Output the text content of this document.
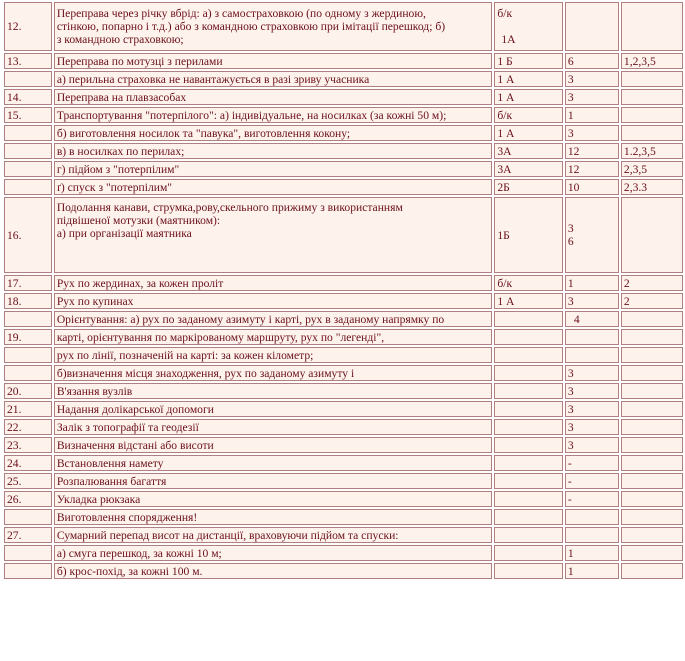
12.	Переправа через річку вбрід: а) з самостраховкою (по одному з жердиною,
стінкою, попарно і т.д.) або з командною страховкою при імітації перешкод; б)
з командною страховкою;	б/к
1А		

13.	Переправа по мотузці з перилами	1 Б	6	1,2,3,5
	а) перильна страховка не навантажується в разі зриву учасника	1 А	3	
14.	Переправа на плавзасобах	1 А	3	
15.	Транспортування "потерпілого": а) індивідуальне, на носилках (за кожні 50 м);	б/к	1	
	б) виготовлення носилок та "павука", виготовлення кокону;	1 А	3	
	в) в носилках по перилах;	3А	12	1.2,3,5
	г) підйом з "потерпілим"	3А	12	2,3,5
	ґ) спуск з "потерпілим"	2Б	10	2,3.3
16.	Подолання канави, струмка,рову,скельного прижиму з використанням
підвішеної мотузки (маятником):
а) при організації маятника	1Б	3
6	

17.	Рух по жердинах, за кожен проліт	б/к	1	2
18.	Рух по купинах	1 А	3	2
	Орієнтування: а) рух по заданому азимуту і карті, рух в заданому напрямку по		4	
19.	карті, орієнтування по маркірованому маршруту, рух по "легенді",			
	рух по лінії, позначеній на карті: за кожен кілометр;			
	б)визначення місця знаходження, рух по заданому азимуту і		3	
20.	В'язання вузлів		3	
21.	Надання долікарської допомоги		3	
22.	Залік з топографії та геодезії		3	
23.	Визначення відстані або висоти		3	
24.	Встановлення намету		-	
25.	Розпалювання багаття		-	
26.	Укладка рюкзака		-	
	Виготовлення спорядження!			
27.	Сумарний перепад висот на дистанції, враховуючи підйом та спуски:			
	а) смуга перешкод, за кожні 10 м;		1	
	б) крос-похід, за кожні 100 м.		1	
